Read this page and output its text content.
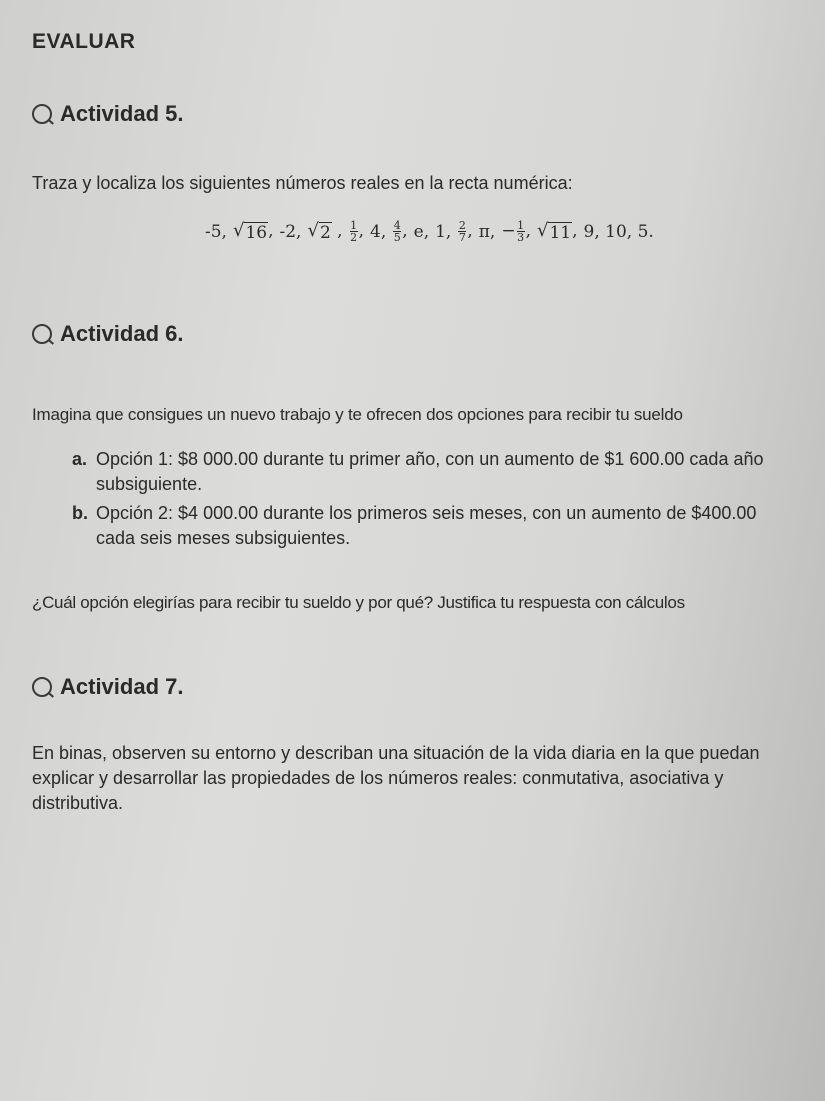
EVALUAR
Actividad 5.
Traza y localiza los siguientes números reales en la recta numérica:
-5, √ 16 , -2, √ 2 , $\frac{1}{2}$ , 4, $\frac{4}{5}$ , e, 1, $\frac{2}{7}$ , π, − $\frac{1}{3}$ , √ 11 , 9, 10, 5.
Actividad 6.
Imagina que consigues un nuevo trabajo y te ofrecen dos opciones para recibir tu sueldo
a. Opción 1: $8 000.00 durante tu primer año, con un aumento de $1 600.00 cada año subsiguiente.
b. Opción 2: $4 000.00 durante los primeros seis meses, con un aumento de $400.00 cada seis meses subsiguientes.
¿Cuál opción elegirías para recibir tu sueldo y por qué? Justifica tu respuesta con cálculos
Actividad 7.
En binas, observen su entorno y describan una situación de la vida diaria en la que puedan explicar y desarrollar las propiedades de los números reales: conmutativa, asociativa y distributiva.
